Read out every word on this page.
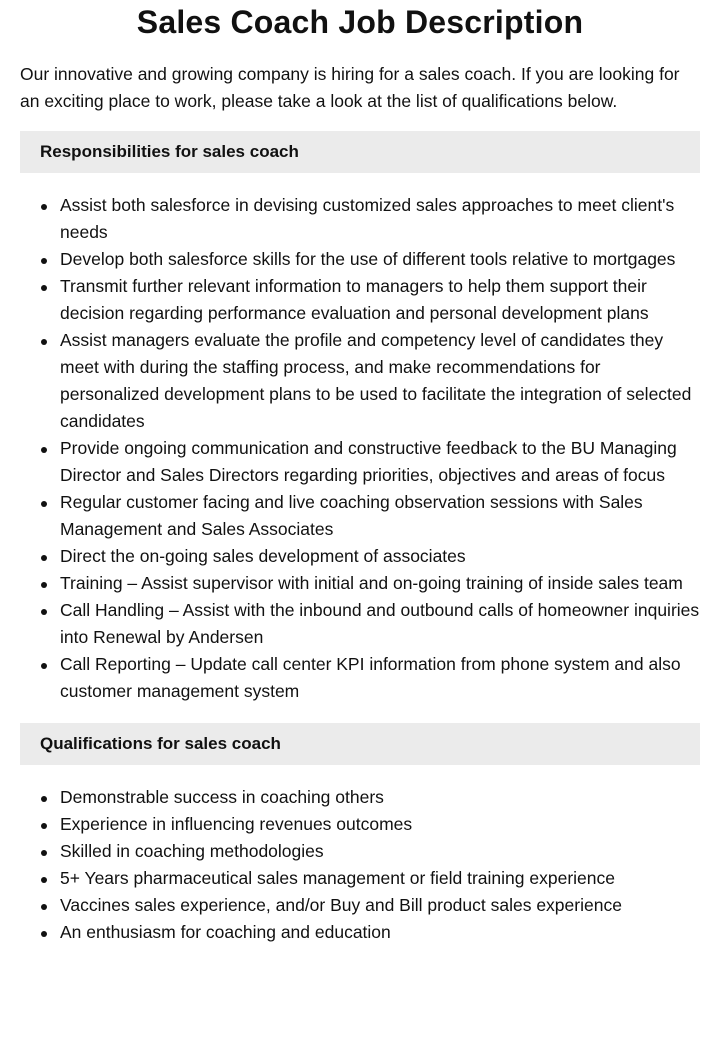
Sales Coach Job Description

Our innovative and growing company is hiring for a sales coach. If you are looking for an exciting place to work, please take a look at the list of qualifications below.

Responsibilities for sales coach
Assist both salesforce in devising customized sales approaches to meet client's needs
Develop both salesforce skills for the use of different tools relative to mortgages
Transmit further relevant information to managers to help them support their decision regarding performance evaluation and personal development plans
Assist managers evaluate the profile and competency level of candidates they meet with during the staffing process, and make recommendations for personalized development plans to be used to facilitate the integration of selected candidates
Provide ongoing communication and constructive feedback to the BU Managing Director and Sales Directors regarding priorities, objectives and areas of focus
Regular customer facing and live coaching observation sessions with Sales Management and Sales Associates
Direct the on-going sales development of associates
Training – Assist supervisor with initial and on-going training of inside sales team
Call Handling – Assist with the inbound and outbound calls of homeowner inquiries into Renewal by Andersen
Call Reporting – Update call center KPI information from phone system and also customer management system
Qualifications for sales coach
Demonstrable success in coaching others
Experience in influencing revenues outcomes
Skilled in coaching methodologies
5+ Years pharmaceutical sales management or field training experience
Vaccines sales experience, and/or Buy and Bill product sales experience
An enthusiasm for coaching and education
